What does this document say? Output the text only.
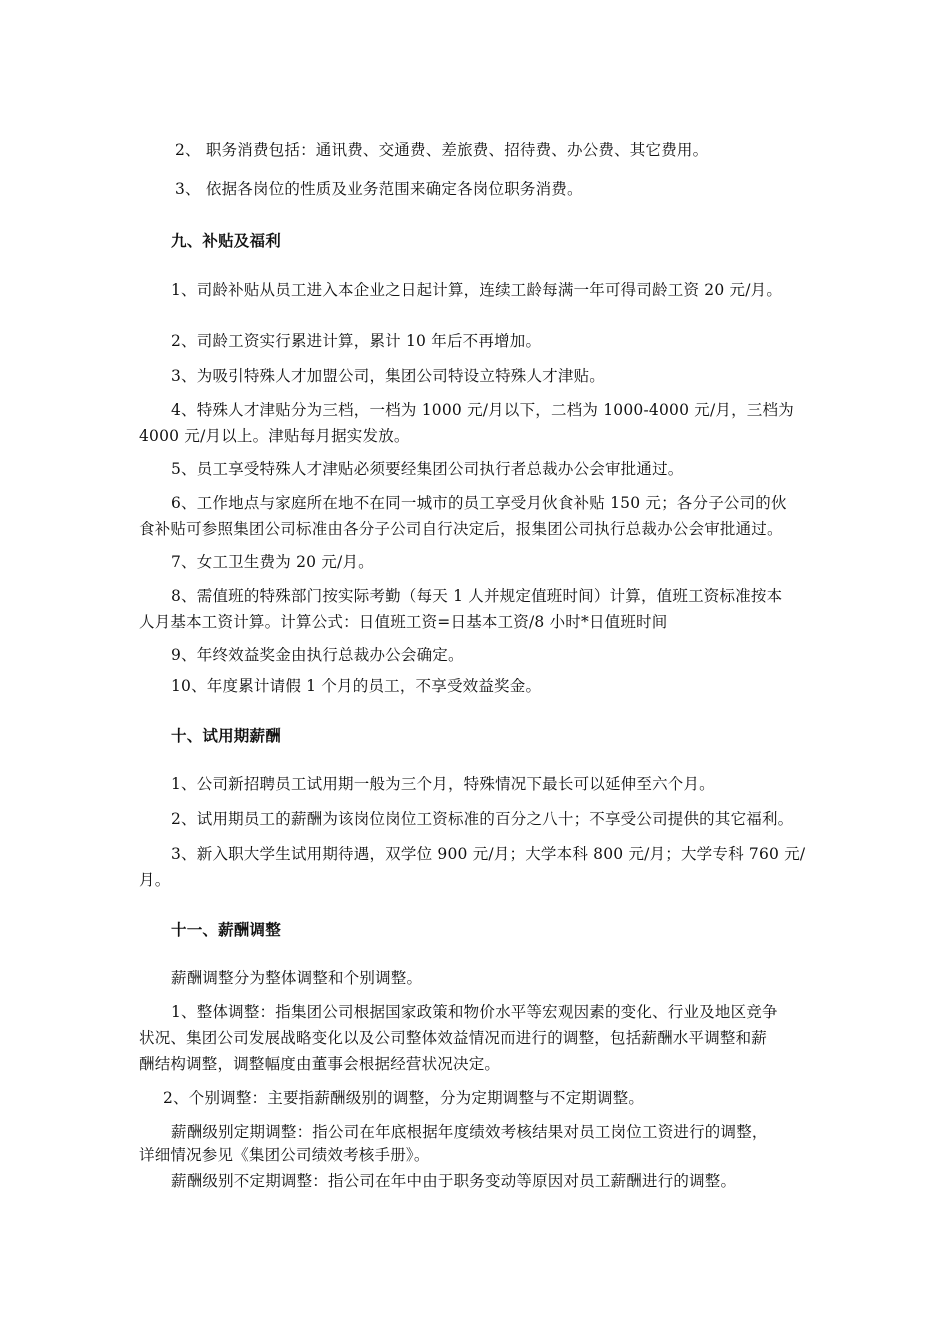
2、 职务消费包括：通讯费、交通费、差旅费、招待费、办公费、其它费用。
3、 依据各岗位的性质及业务范围来确定各岗位职务消费。
九、补贴及福利
1、司龄补贴从员工进入本企业之日起计算，连续工龄每满一年可得司龄工资 20 元/月。
2、司龄工资实行累进计算，累计 10 年后不再增加。
3、为吸引特殊人才加盟公司，集团公司特设立特殊人才津贴。
4、特殊人才津贴分为三档，一档为 1000 元/月以下，二档为 1000-4000 元/月，三档为
4000 元/月以上。津贴每月据实发放。
5、员工享受特殊人才津贴必须要经集团公司执行者总裁办公会审批通过。
6、工作地点与家庭所在地不在同一城市的员工享受月伙食补贴 150 元；各分子公司的伙
食补贴可参照集团公司标准由各分子公司自行决定后，报集团公司执行总裁办公会审批通过。
7、女工卫生费为 20 元/月。
8、需值班的特殊部门按实际考勤（每天 1 人并规定值班时间）计算，值班工资标准按本
人月基本工资计算。计算公式：日值班工资=日基本工资/8 小时*日值班时间
9、年终效益奖金由执行总裁办公会确定。
10、年度累计请假 1 个月的员工，不享受效益奖金。
十、试用期薪酬
1、公司新招聘员工试用期一般为三个月，特殊情况下最长可以延伸至六个月。
2、试用期员工的薪酬为该岗位岗位工资标准的百分之八十；不享受公司提供的其它福利。
3、新入职大学生试用期待遇，双学位 900 元/月；大学本科 800 元/月；大学专科 760 元/
月。
十一、薪酬调整
薪酬调整分为整体调整和个别调整。
1、整体调整：指集团公司根据国家政策和物价水平等宏观因素的变化、行业及地区竞争
状况、集团公司发展战略变化以及公司整体效益情况而进行的调整，包括薪酬水平调整和薪
酬结构调整，调整幅度由董事会根据经营状况决定。
2、个别调整：主要指薪酬级别的调整，分为定期调整与不定期调整。
薪酬级别定期调整：指公司在年底根据年度绩效考核结果对员工岗位工资进行的调整，
详细情况参见《集团公司绩效考核手册》。
薪酬级别不定期调整：指公司在年中由于职务变动等原因对员工薪酬进行的调整。
